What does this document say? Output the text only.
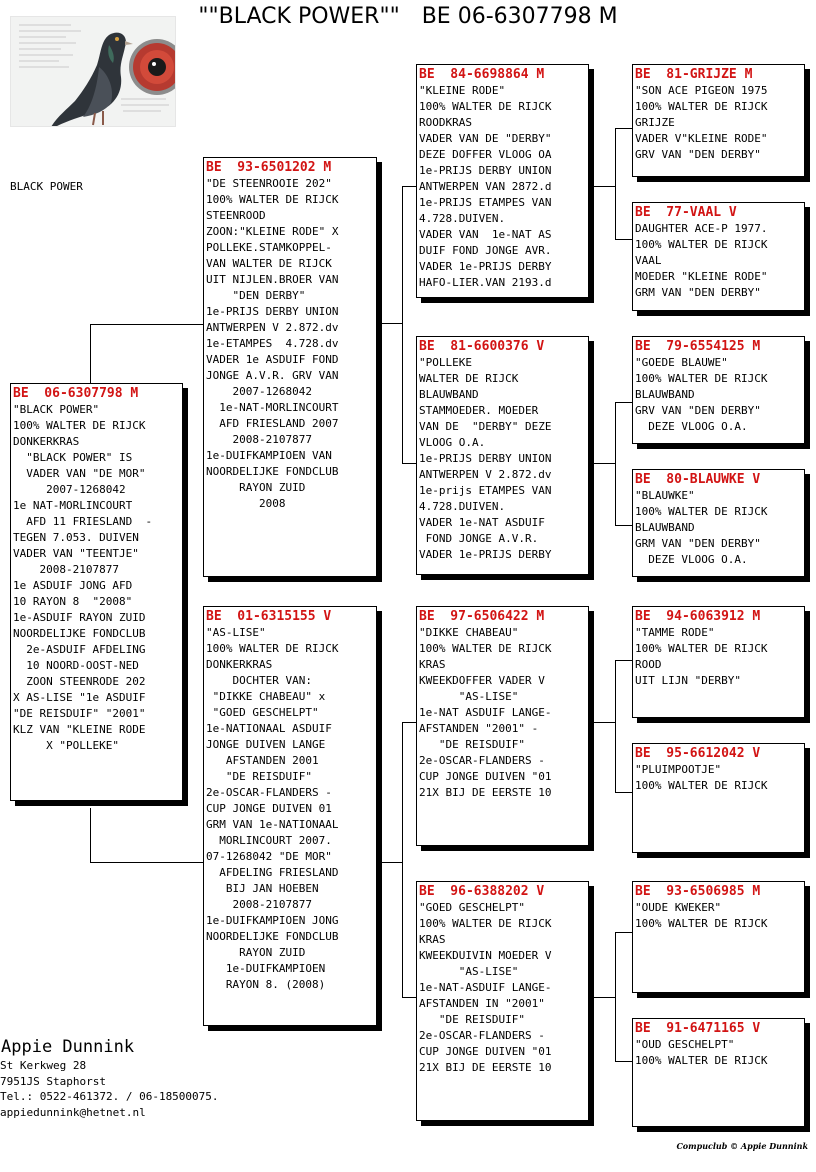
""BLACK POWER"" BE 06-6307798 M
BLACK POWER
BE  06-6307798 M
"BLACK POWER"
100% WALTER DE RIJCK
DONKERKRAS
"BLACK POWER" IS
VADER VAN "DE MOR"
2007-1268042
1e NAT-MORLINCOURT
AFD 11 FRIESLAND  -
TEGEN 7.053. DUIVEN
VADER VAN "TEENTJE"
2008-2107877
1e ASDUIF JONG AFD
10 RAYON 8  "2008"
1e-ASDUIF RAYON ZUID
NOORDELIJKE FONDCLUB
2e-ASDUIF AFDELING
10 NOORD-OOST-NED
ZOON STEENRODE 202
X AS-LISE "1e ASDUIF
"DE REISDUIF" "2001"
KLZ VAN "KLEINE RODE
X "POLLEKE"
BE  93-6501202 M
"DE STEENROOIE 202"
100% WALTER DE RIJCK
STEENROOD
ZOON:"KLEINE RODE" X
POLLEKE.STAMKOPPEL-
VAN WALTER DE RIJCK
UIT NIJLEN.BROER VAN
"DEN DERBY"
1e-PRIJS DERBY UNION
ANTWERPEN V 2.872.dv
1e-ETAMPES  4.728.dv
VADER 1e ASDUIF FOND
JONGE A.V.R. GRV VAN
2007-1268042
1e-NAT-MORLINCOURT
AFD FRIESLAND 2007
2008-2107877
1e-DUIFKAMPIOEN VAN
NOORDELIJKE FONDCLUB
RAYON ZUID
2008
BE  01-6315155 V
"AS-LISE"
100% WALTER DE RIJCK
DONKERKRAS
DOCHTER VAN:
"DIKKE CHABEAU" x
"GOED GESCHELPT"
1e-NATIONAAL ASDUIF
JONGE DUIVEN LANGE
AFSTANDEN 2001
"DE REISDUIF"
2e-OSCAR-FLANDERS -
CUP JONGE DUIVEN 01
GRM VAN 1e-NATIONAAL
MORLINCOURT 2007.
07-1268042 "DE MOR"
AFDELING FRIESLAND
BIJ JAN HOEBEN
2008-2107877
1e-DUIFKAMPIOEN JONG
NOORDELIJKE FONDCLUB
RAYON ZUID
1e-DUIFKAMPIOEN
RAYON 8. (2008)
BE  84-6698864 M
"KLEINE RODE"
100% WALTER DE RIJCK
ROODKRAS
VADER VAN DE "DERBY"
DEZE DOFFER VLOOG OA
1e-PRIJS DERBY UNION
ANTWERPEN VAN 2872.d
1e-PRIJS ETAMPES VAN
4.728.DUIVEN.
VADER VAN  1e-NAT AS
DUIF FOND JONGE AVR.
VADER 1e-PRIJS DERBY
HAFO-LIER.VAN 2193.d
BE  81-6600376 V
"POLLEKE
WALTER DE RIJCK
BLAUWBAND
STAMMOEDER. MOEDER
VAN DE  "DERBY" DEZE
VLOOG O.A.
1e-PRIJS DERBY UNION
ANTWERPEN V 2.872.dv
1e-prijs ETAMPES VAN
4.728.DUIVEN.
VADER 1e-NAT ASDUIF
FOND JONGE A.V.R.
VADER 1e-PRIJS DERBY
BE  97-6506422 M
"DIKKE CHABEAU"
100% WALTER DE RIJCK
KRAS
KWEEKDOFFER VADER V
"AS-LISE"
1e-NAT ASDUIF LANGE-
AFSTANDEN "2001" -
"DE REISDUIF"
2e-OSCAR-FLANDERS -
CUP JONGE DUIVEN "01
21X BIJ DE EERSTE 10
BE  96-6388202 V
"GOED GESCHELPT"
100% WALTER DE RIJCK
KRAS
KWEEKDUIVIN MOEDER V
"AS-LISE"
1e-NAT-ASDUIF LANGE-
AFSTANDEN IN "2001"
"DE REISDUIF"
2e-OSCAR-FLANDERS -
CUP JONGE DUIVEN "01
21X BIJ DE EERSTE 10
BE  81-GRIJZE M
"SON ACE PIGEON 1975
100% WALTER DE RIJCK
GRIJZE
VADER V"KLEINE RODE"
GRV VAN "DEN DERBY"
BE  77-VAAL V
DAUGHTER ACE-P 1977.
100% WALTER DE RIJCK
VAAL
MOEDER "KLEINE RODE"
GRM VAN "DEN DERBY"
BE  79-6554125 M
"GOEDE BLAUWE"
100% WALTER DE RIJCK
BLAUWBAND
GRV VAN "DEN DERBY"
DEZE VLOOG O.A.
BE  80-BLAUWKE V
"BLAUWKE"
100% WALTER DE RIJCK
BLAUWBAND
GRM VAN "DEN DERBY"
DEZE VLOOG O.A.
BE  94-6063912 M
"TAMME RODE"
100% WALTER DE RIJCK
ROOD
UIT LIJN "DERBY"
BE  95-6612042 V
"PLUIMPOOTJE"
100% WALTER DE RIJCK
BE  93-6506985 M
"OUDE KWEKER"
100% WALTER DE RIJCK
BE  91-6471165 V
"OUD GESCHELPT"
100% WALTER DE RIJCK
Appie Dunnink
St Kerkweg 28
7951JS Staphorst
Tel.: 0522-461372. / 06-18500075.
appiedunnink@hetnet.nl
Compuclub © Appie Dunnink
